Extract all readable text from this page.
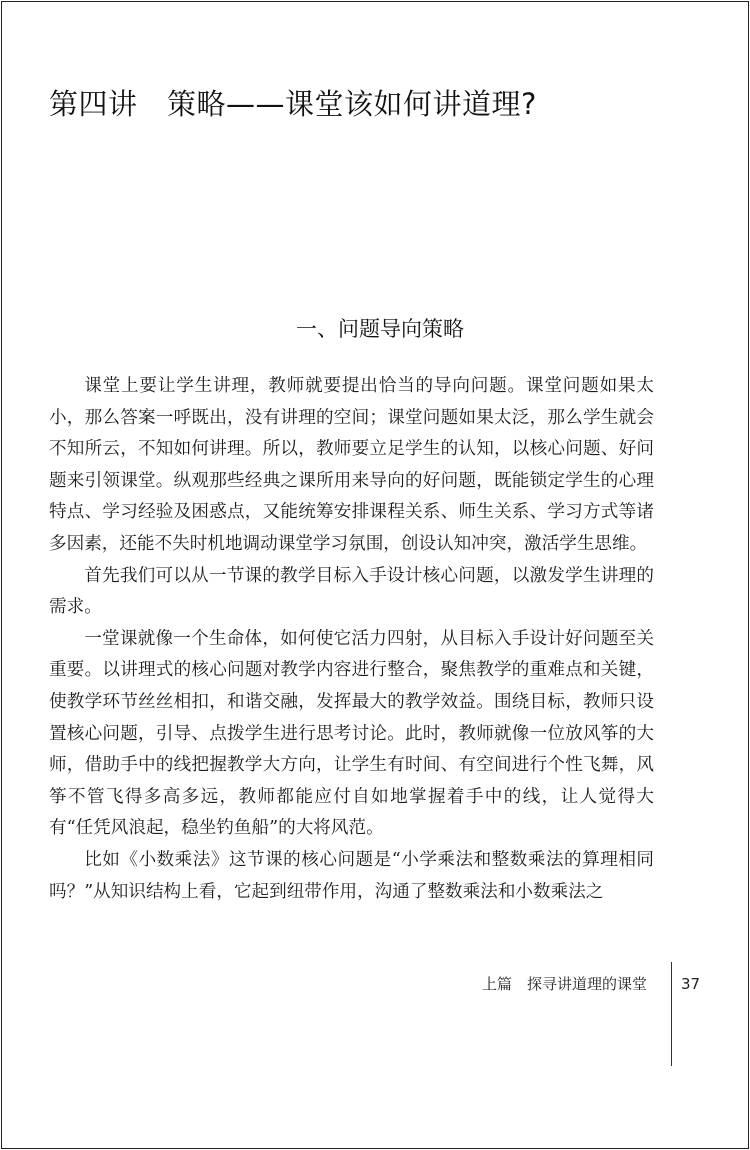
第四讲　策略——课堂该如何讲道理?
一、问题导向策略

课堂上要让学生讲理，教师就要提出恰当的导向问题。课堂问题如果太小，那么答案一呼既出，没有讲理的空间；课堂问题如果太泛，那么学生就会不知所云，不知如何讲理。所以，教师要立足学生的认知，以核心问题、好问题来引领课堂。纵观那些经典之课所用来导向的好问题，既能锁定学生的心理特点、学习经验及困惑点，又能统筹安排课程关系、师生关系、学习方式等诸多因素，还能不失时机地调动课堂学习氛围，创设认知冲突，激活学生思维。

首先我们可以从一节课的教学目标入手设计核心问题，以激发学生讲理的需求。

一堂课就像一个生命体，如何使它活力四射，从目标入手设计好问题至关重要。以讲理式的核心问题对教学内容进行整合，聚焦教学的重难点和关键，使教学环节丝丝相扣，和谐交融，发挥最大的教学效益。围绕目标，教师只设置核心问题，引导、点拨学生进行思考讨论。此时，教师就像一位放风筝的大师，借助手中的线把握教学大方向，让学生有时间、有空间进行个性飞舞，风筝不管飞得多高多远，教师都能应付自如地掌握着手中的线，让人觉得大有“任凭风浪起，稳坐钓鱼船”的大将风范。

比如《小数乘法》这节课的核心问题是“小学乘法和整数乘法的算理相同吗？”从知识结构上看，它起到纽带作用，沟通了整数乘法和小数乘法之

上篇　探寻讲道理的课堂 37
